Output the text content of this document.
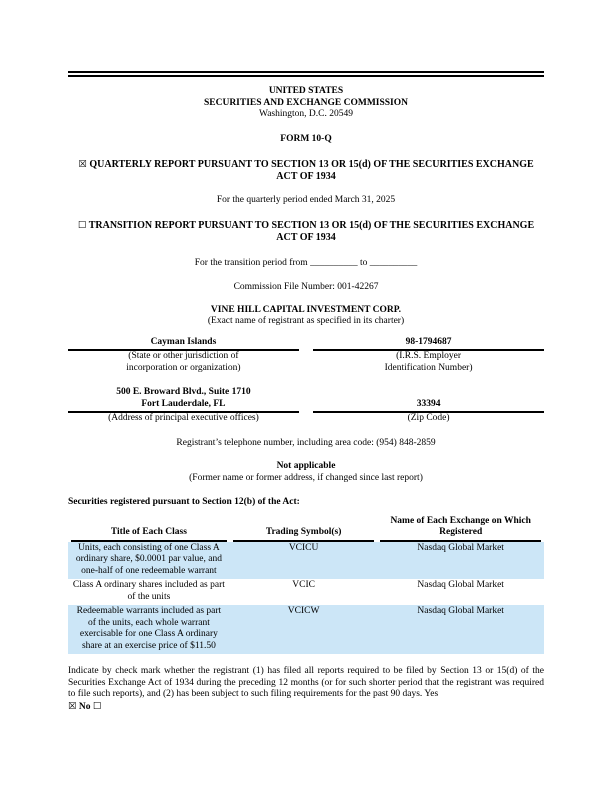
UNITED STATES
SECURITIES AND EXCHANGE COMMISSION
Washington, D.C. 20549
FORM 10-Q
☒ QUARTERLY REPORT PURSUANT TO SECTION 13 OR 15(d) OF THE SECURITIES EXCHANGE ACT OF 1934
For the quarterly period ended March 31, 2025
☐ TRANSITION REPORT PURSUANT TO SECTION 13 OR 15(d) OF THE SECURITIES EXCHANGE ACT OF 1934
For the transition period from __________ to __________
Commission File Number: 001-42267
VINE HILL CAPITAL INVESTMENT CORP.
(Exact name of registrant as specified in its charter)
Cayman Islands
(State or other jurisdiction of incorporation or organization)
98-1794687
(I.R.S. Employer Identification Number)
500 E. Broward Blvd., Suite 1710
Fort Lauderdale, FL
(Address of principal executive offices)
33394
(Zip Code)
Registrant’s telephone number, including area code: (954) 848-2859
Not applicable
(Former name or former address, if changed since last report)
Securities registered pursuant to Section 12(b) of the Act:
Title of Each Class	Trading Symbol(s)	Name of Each Exchange on Which Registered

Units, each consisting of one Class A ordinary share, $0.0001 par value, and one-half of one redeemable warrant	VCICU	Nasdaq Global Market
Class A ordinary shares included as part of the units	VCIC	Nasdaq Global Market
Redeemable warrants included as part of the units, each whole warrant exercisable for one Class A ordinary share at an exercise price of $11.50	VCICW	Nasdaq Global Market
Indicate by check mark whether the registrant (1) has filed all reports required to be filed by Section 13 or 15(d) of the Securities Exchange Act of 1934 during the preceding 12 months (or for such shorter period that the registrant was required to file such reports), and (2) has been subject to such filing requirements for the past 90 days. Yes
☒ No ☐
